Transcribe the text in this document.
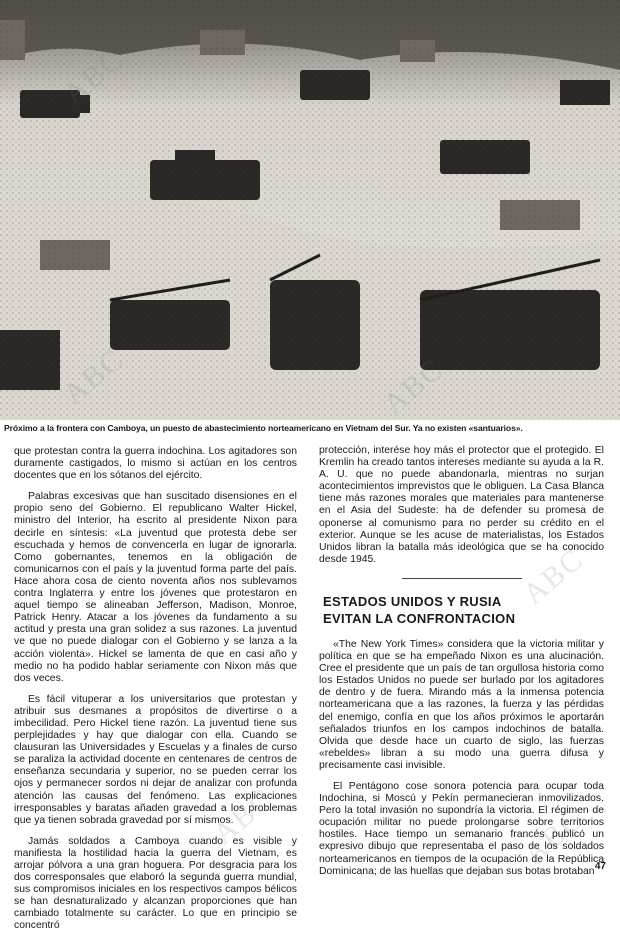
Próximo a la frontera con Camboya, un puesto de abastecimiento norteamericano en Vietnam del Sur. Ya no existen «santuarios».

que protestan contra la guerra indochina. Los agitadores son duramente castigados, lo mismo si actúan en los centros docentes que en los sótanos del ejército.

Palabras excesivas que han suscitado disensiones en el propio seno del Gobierno. El republicano Walter Hickel, ministro del Interior, ha escrito al presidente Nixon para decirle en síntesis: «La juventud que protesta debe ser escuchada y hemos de convencerla en lugar de ignorarla. Como gobernantes, tenemos en la obligación de comunicarnos con el país y la juventud forma parte del país. Hace ahora cosa de ciento noventa años nos sublevamos contra Inglaterra y entre los jóvenes que protestaron en aquel tiempo se alineaban Jefferson, Madison, Monroe, Patrick Henry. Atacar a los jóvenes da fundamento a su actitud y presta una gran solidez a sus razones. La juventud ve que no puede dialogar con el Gobierno y se lanza a la acción violenta». Hickel se lamenta de que en casi año y medio no ha podido hablar seriamente con Nixon más que dos veces.

Es fácil vituperar a los universitarios que protestan y atribuir sus desmanes a propósitos de divertirse o a imbecilidad. Pero Hickel tiene razón. La juventud tiene sus perplejidades y hay que dialogar con ella. Cuando se clausuran las Universidades y Escuelas y a finales de curso se paraliza la actividad docente en centenares de centros de enseñanza secundaria y superior, no se pueden cerrar los ojos y permanecer sordos ni dejar de analizar con profunda atención las causas del fenómeno. Las explicaciones irresponsables y baratas añaden gravedad a los problemas que ya tienen sobrada gravedad por sí mismos.

Jamás soldados a Camboya cuando es visible y manifiesta la hostilidad hacia la guerra del Vietnam, es arrojar pólvora a una gran hoguera. Por desgracia para los dos corresponsales que elaboró la segunda guerra mundial, sus compromisos iniciales en los respectivos campos bélicos se han desnaturalizado y alcanzan proporciones que han cambiado totalmente su carácter. Lo que en principio se concentró

protección, interése hoy más el protector que el protegido. El Kremlin ha creado tantos intereses mediante su ayuda a la R. A. U. que no puede abandonarla, mientras no surjan acontecimientos imprevistos que le obliguen. La Casa Blanca tiene más razones morales que materiales para mantenerse en el Asia del Sudeste: ha de defender su promesa de oponerse al comunismo para no perder su crédito en el exterior. Aunque se les acuse de materialistas, los Estados Unidos libran la batalla más ideológica que se ha conocido desde 1945.

ESTADOS UNIDOS Y RUSIA
EVITAN LA CONFRONTACION

«The New York Times» considera que la victoria militar y política en que se ha empeñado Nixon es una alucinación. Cree el presidente que un país de tan orgullosa historia como los Estados Unidos no puede ser burlado por los agitadores de dentro y de fuera. Mirando más a la inmensa potencia norteamericana que a las razones, la fuerza y las pérdidas del enemigo, confía en que los años próximos le aportarán señalados triunfos en los campos indochinos de batalla. Olvida que desde hace un cuarto de siglo, las fuerzas «rebeldes» libran a su modo una guerra difusa y precisamente casi invisible.

El Pentágono cose sonora potencia para ocupar toda Indochina, si Moscú y Pekín permanecieran inmovilizados. Pero la total invasión no supondría la victoria. El régimen de ocupación militar no puede prolongarse sobre territorios hostiles. Hace tiempo un semanario francés publicó un expresivo dibujo que representaba el paso de los soldados norteamericanos en tiempos de la ocupación de la República Dominicana; de las huellas que dejaban sus botas brotaban 47
ABC
ABC	ABC
